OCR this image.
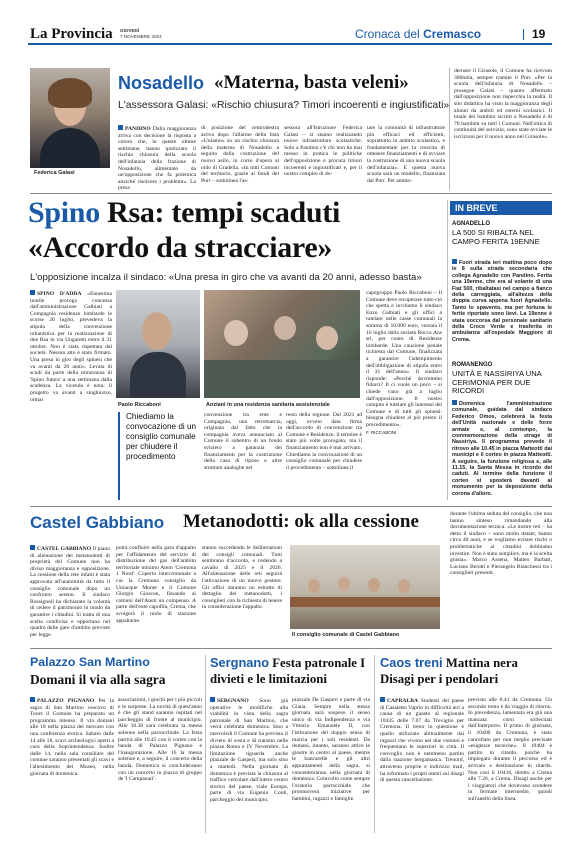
La Provincia GIOVEDÌ
7 NOVEMBRE 2024	Cronaca del Cremasco	19
Federica Galasi
Nosadello «Materna, basta veleni»
L'assessora Galasi: «Rischio chiusura? Timori incoerenti e ingiustificati»
PANDINO Dalla maggioranza arriva con decisione la risposta a coloro che, in queste ultime settimane, hanno ipotizzato il rischio chiusura della scuola dell'infanzia della frazione di Nosadello, alimentato da un'opposizione che fa polemica anziché risolvere i problemi». La presa
di posizione del centrodestra arriva dopo l'allarme della lista «Uniamo» su un rischio chiusura della materna di Nosadello a seguito della costruzione del nuovo asilo, in corso d'opera al nido di Gradella. «In tutti Comuni del territorio, grazie ai fondi del Pnrr – sottolinea l'as-
sessora all'Istruzione Federica Galasi – si stanno realizzando nuove infrastrutture scolastiche. Solo a Pandino c'è chi non ha mai messo in pratica le politiche dell'opposizione e procura timori incoerenti e ingiustificati e, per il nostro compito di do-
tare la comunità di infrastrutture più efficaci ed efficienti, soprattutto in ambito scolastico, e fondamentale per la crescita di ottenere finanziamenti e di avviare la costruzione di una nuova scuola dell'infanzia». E questa nuova scuola sarà un modello, finanziata dal Pnrr. Per ammo-
dernare il Girasole, il Comune ha ricevuto 300mila, sempre tramite il Pnrr. «Per la scuola dell'infanzia di Nosadello – prosegue Galasi – quanto affermato dall'opposizione non rispecchia la realtà. Il sito didattico ha visto la maggioranza degli alunni da ambiti ed esterni scolastici. Il totale dei bambini iscritti a Nosadello è di 70 bambini su tutti i Comuni. Nell'ottica di continuità del servizio, sono state avviate le iscrizioni per il nuovo anno nel Girasole».
Spino Rsa: tempi scaduti
«Accordo da stracciare»
L'opposizione incalza il sindaco: «Una presa in giro che va avanti da 20 anni, adesso basta»
SPINO D'ADDA «Ennesima inutile proroga concessa dall'amministrazione Galbiati a Compagnia residenze lombarde le scorse 20 luglio, prevedeva la stipula della convenzione urbanistica per la realizzazione di due Rsa in via Ungaretti entro il 31 ottobre. Non è stata rispettata dal società. Nessun atto è stato firmato. Una presa in giro degli spinesi che va avanti da 20 anni». Levata di scudi da parte della minoranza di 'Spino futura' a una settimana dalla scadenza. La vicenda è nota: il progetto va avanti a singhiozzo, ormai
Paolo Riccaboni	Anziani in una residenza sanitaria assistenziale
Chiediamo la convocazione di un consiglio comunale per chiudere il procedimento
convenzione tra ente e Compagnia, una retromarcia, originata dal fatto che la compagnia aveva annunciato al Comune il subentro di un fondo sviziero a garanzia dei finanziamenti per la costruzione della casa di riposo e altre strutture analoghe nel
resto della regione. Dal 2021 ad oggi, ovvero data firma dell'accordo di convenzione tra Comune e Residenze, il termine è stato più volte prorogato, ma il finanziamento non è mai arrivato. Chiediamo la convocazione di un consiglio comunale per chiudere il procedimento – sottolinea il
capogruppo Paolo Riccaboni – Il Comune deve recuperare tutto ciò che spetta e invitiamo il sindaco Enzo Galbiati e gli uffici a tutelare nelle casse comunali la somma di 10.000 euro, versata il 16 luglio dalla società Rocca Ans srl, per conto di Residenze lombarde. Una cauzione penale richiesta dal Comune, finalizzata a garantire l'adempimento dell'obbligazione di stipula entro il 31 dell'anno». Il sindaco risponde: «Perché dovremmo fidarci? Il ci vuole un poco – si chiede vano già a luglio dall'opposizione. Il nostro compito è tutelare gli interessi del Comune e di tutti gli spinesi: bisogna chiudere al più presto il procedimento».
F. RICCABONI
IN BREVE
AGNADELLO
LA 500 SI RIBALTA NEL CAMPO FERITA 19ENNE
Fuori strada ieri mattina poco dopo le 8 sulla strada secondaria che collega Agnadello con Pandino. Ferita una 19enne, che era al volante di una Fiat 500, ribaltatasi nel campo a fianco della carreggiata, all'altezza della doppia curva appena fuori Agnadello. Tanto lo spavento, ma per fortuna le ferite riportate sono lievi. La 19enne è stata soccorsa dal personale sanitario della Croce Verde e trasferita in ambulanza all'ospedale Maggiore di Crema.
ROMANENGO
UNITÀ E NASSIRIYA UNA CERIMONIA PER DUE RICORDI
Domenica l'amministrazione comunale, guidata dal sindaco Federico Omos, celebrerà la festa dell'Unità nazionale e delle forze armate e, al contempo, la commemorazione della strage di Nassiriya. Il programma prevede il ritrovo alle 10.45 in piazza Matteotti dai municipi e il corteo in piazza Matteotti. A seguire, la funzione religiosa e, alle 11.15, la Santa Messa in ricordo dei caduti. Al termine della funzione il corteo si sposterà davanti al monumento per la deposizione della corona d'alloro.
Castel Gabbiano Metanodotti: ok alla cessione
CASTEL GABBIANO Il piano di alienazione dei metanodotti di proprietà del Comune non ha diviso maggioranza e opposizione. La cessione della rete infatti è stata approvata all'unanimità da tutto il consiglio comunale dopo un confronto sereno. Il sindaco Rossignoli ha dichiarato la volontà di cedere il patrimonio in modo da garantire i cittadini. Si tratta di una scelta condivisa e opportuna nel quadro delle gare d'ambito previste per legge.
potrà confluire nella gara d'appalto per l'affidamento del servizio di distribuzione del gas dell'ambito territoriale minimo Atem 'Cremona 1 Nord'. Coperto intercomunale a cui la Cremona consiglio da Uniacque Monte e il Comune Giorgio Gioscon, fissando ai comuni dell'Atem un compenso. A parte dell'ente capofila, Crema, che svolgerà il ruolo di stazione appaltante.
stanno succedendo le deliberazioni dei consigli comunali. Tutti sembrano d'accordo, e cedendo a cavallo di 2025 e il 2026. All'alienazione delle reti seguirà l'attivazione di un nuovo gestore. Gli uffici daranno un estratto di dettaglio dei metanodotti, i consiglieri con la richiesta di tenere in considerazione l'appalto.
Il consiglio comunale di Castel Gabbiano
durante l'ultima seduta del consiglio, che non hanno sinteso rimandando alla documentazione tecnica. «Le nostre reti – ha detto il sindaco – sono molto datate, hanno circa 40 anni, e se vogliamo evitare rischi o problematiche ai cittadini dobbiamo investire. Non è stato semplice, ma è la scelta giusta». Marco Assena, Matteo Barbati, Luciano Belotti e Pierangelo Bianchessi tra i consiglieri presenti.
Palazzo San Martino
Domani il via alla sagra
PALAZZO PIGNANO Per la sagra di San Martino vescovo di Tours il Comune ha preparato un programma intenso. Il via domani alle 18 nella piazza del mercato con una conferenza storica. Sabato dalle 14 alle 18, scavi archeologici aperti a cura della Soprintendenza. Inoltre dalle 14, nella sala consiliare del comune saranno presentati gli scavi e l'allestimento del Museo, nella giornata di domenica.
associazioni, i giochi per i più piccoli e le sorprese. La novità di quest'anno è che gli stand saranno ospitati nel parcheggio di fronte al municipio. Alle 10.30 sarà celebrata la messa solenne nella parrocchiale. La festa partirà alle 10.45 con il corteo con la banda di Palazzo Pignano e l'inaugurazione. Alle 16 la messa solenne e, a seguire, il concerto della banda. Domenica si concluderanno con un concerto in piazza di gruppo de 'I Campanari'.
Sergnano Festa patronale I divieti e le limitazioni
SERGNANO Sono già operative le modifiche alla viabilità in vista della sagra patronale di San Martino, che verrà celebrata domenica. Sino a mercoledì il Comune ha previsto il divieto di sosta e di transito nelle piazze Roma e IV Novembre. La limitazione riguarda anche piazzale de Gasperi, ma solo sino a martedì. Nella giornata di domenica è prevista la chiusura al traffico veicolare dall'intero centro storico del paese, viale Europa, parte di via Eugenio Conti, parcheggio del municipio,
piazzale De Gasperi e parte di via Giana. Sempre nella stessa giornata sarà sospeso il senso unico di via Indipendenza e via Vittorio Emanuele II, con l'istituzione del doppio senso di marcia per i soli residenti. Da domani, intanto, saranno attive le giostre in centro al paese, mentre le bancarelle e gli altri appuntamenti della sagra, si concentreranno nella giornata di domenica. Coinvolto come sempre l'oratorio parrocchiale che promuoverà iniziative per bambini, ragazzi e famiglie.
Caos treni Mattina nera Disagi per i pendolari
CAPRALBA Studenti del paese di Casaletto Vaprio in difficoltà ieri a causa di un guasto al regionale 10435 delle 7.07 da Treviglio per Cremona. Il treno in questione è quello utilizzato abitualmente dai ragazzi che vivono nei due comuni e frequentano le superiori in città. Il convoglio non è nemmeno partito dalla stazione bergamasca. Trenord, attraverso proprie e indirizzo mail, ha informato i propri utenti sui disagi di questa cancellazione.
previsto alle 8.41 da Cremona. Un secondo treno è da viaggio di ritorno. In precedenza, lamentata era già una mancata corsi sollecitati dall'Interporto. Il primo di giornata, il 10400 da Cremona, è stato cancellato per non meglio precisate «esigenze tecniche». Il 10404 è partito in ritardo, poiché ha impiegato durante il percorso ed è arrivato a destinazione in ritardo. Non così il 10416, diretto a Crema alle 7.20, a Crema. Disagi anche per i viaggiatori che dovevano scendere in fermate intermedie, quindi sull'anello della linea.
